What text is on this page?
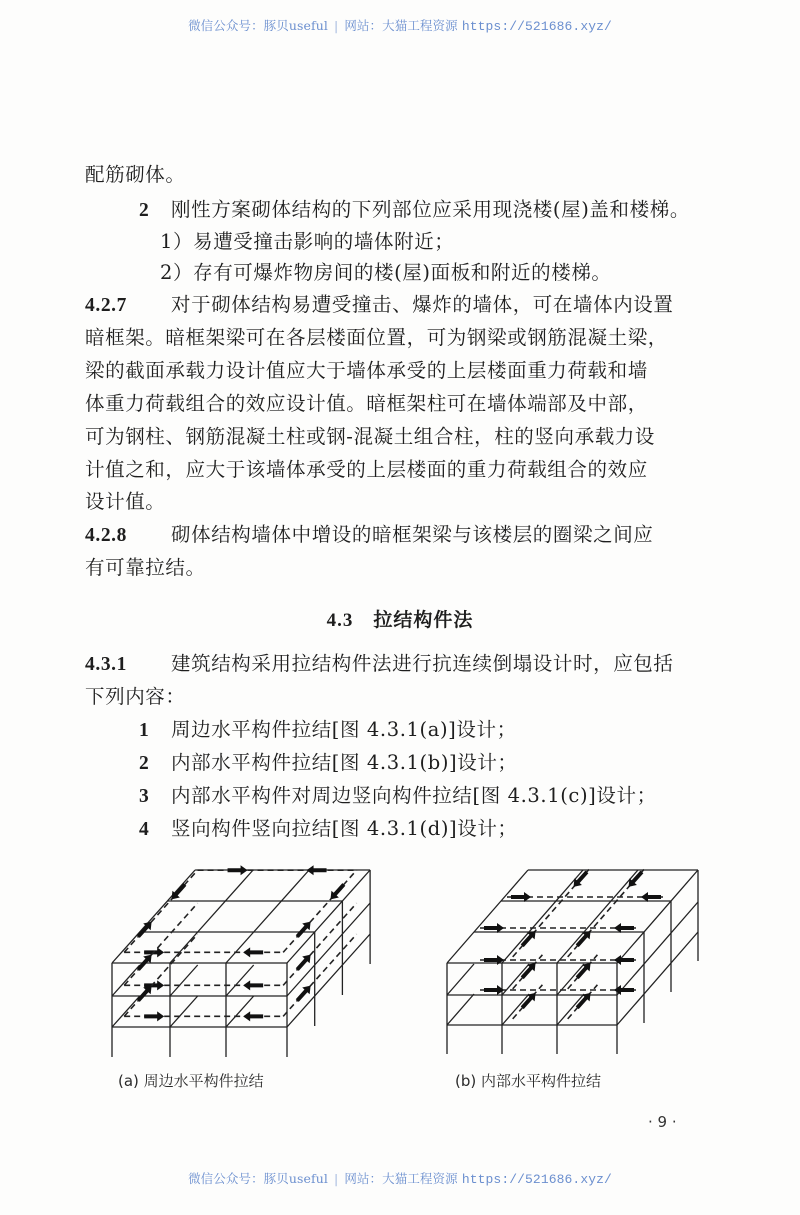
微信公众号：豚贝useful | 网站：大猫工程资源 https://521686.xyz/
配筋砌体。
2 刚性方案砌体结构的下列部位应采用现浇楼(屋)盖和楼梯。
1）易遭受撞击影响的墙体附近；
2）存有可爆炸物房间的楼(屋)面板和附近的楼梯。
4.2.7 对于砌体结构易遭受撞击、爆炸的墙体，可在墙体内设置
暗框架。暗框架梁可在各层楼面位置，可为钢梁或钢筋混凝土梁，
梁的截面承载力设计值应大于墙体承受的上层楼面重力荷载和墙
体重力荷载组合的效应设计值。暗框架柱可在墙体端部及中部，
可为钢柱、钢筋混凝土柱或钢-混凝土组合柱，柱的竖向承载力设
计值之和，应大于该墙体承受的上层楼面的重力荷载组合的效应
设计值。
4.2.8 砌体结构墙体中增设的暗框架梁与该楼层的圈梁之间应
有可靠拉结。
4.3 拉结构件法
4.3.1 建筑结构采用拉结构件法进行抗连续倒塌设计时，应包括
下列内容：
1 周边水平构件拉结[图 4.3.1(a)]设计；
2 内部水平构件拉结[图 4.3.1(b)]设计；
3 内部水平构件对周边竖向构件拉结[图 4.3.1(c)]设计；
4 竖向构件竖向拉结[图 4.3.1(d)]设计；
(a) 周边水平构件拉结	(b) 内部水平构件拉结
· 9 ·
微信公众号：豚贝useful | 网站：大猫工程资源 https://521686.xyz/
